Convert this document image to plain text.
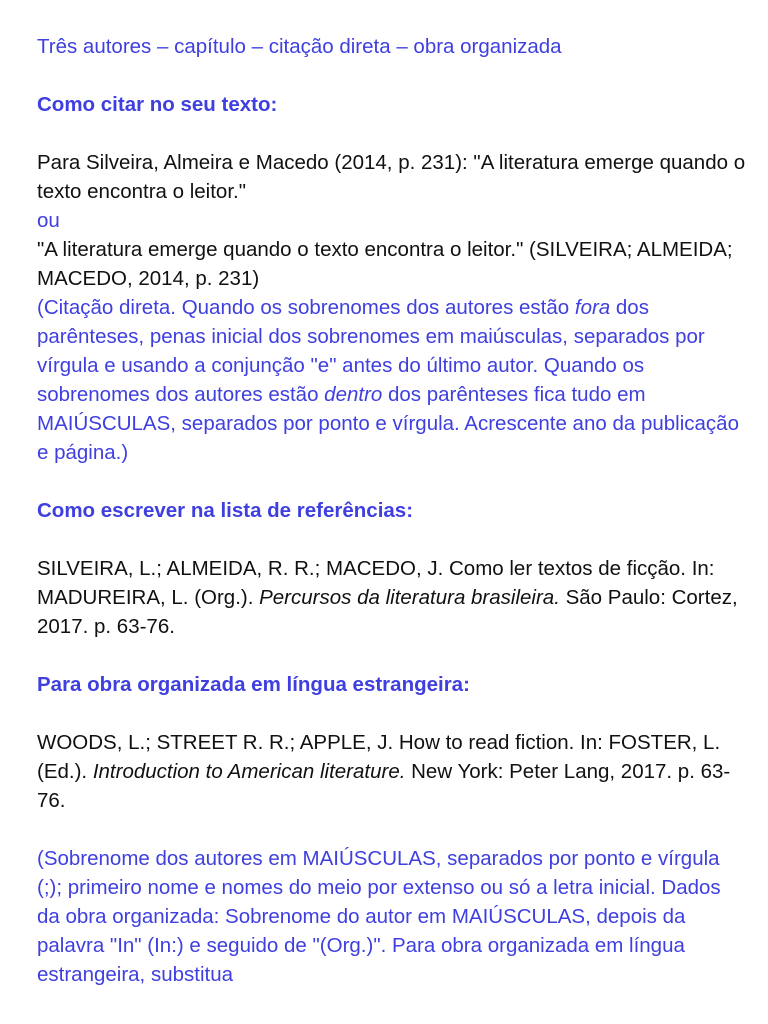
Três autores – capítulo – citação direta – obra organizada

Como citar no seu texto:

Para Silveira, Almeira e Macedo (2014, p. 231): "A literatura emerge quando o texto encontra o leitor."

ou

"A literatura emerge quando o texto encontra o leitor." (SILVEIRA; ALMEIDA; MACEDO, 2014, p. 231)

(Citação direta. Quando os sobrenomes dos autores estão fora dos parênteses, penas inicial dos sobrenomes em maiúsculas, separados por vírgula e usando a conjunção "e" antes do último autor. Quando os sobrenomes dos autores estão dentro dos parênteses fica tudo em MAIÚSCULAS, separados por ponto e vírgula. Acrescente ano da publicação e página.)

Como escrever na lista de referências:

SILVEIRA, L.; ALMEIDA, R. R.; MACEDO, J. Como ler textos de ficção. In: MADUREIRA, L. (Org.). Percursos da literatura brasileira. São Paulo: Cortez, 2017. p. 63-76.

Para obra organizada em língua estrangeira:

WOODS, L.; STREET R. R.; APPLE, J. How to read fiction. In: FOSTER, L. (Ed.). Introduction to American literature. New York: Peter Lang, 2017. p. 63-76.

(Sobrenome dos autores em MAIÚSCULAS, separados por ponto e vírgula (;); primeiro nome e nomes do meio por extenso ou só a letra inicial. Dados da obra organizada: Sobrenome do autor em MAIÚSCULAS, depois da palavra "In" (In:) e seguido de "(Org.)". Para obra organizada em língua estrangeira, substitua
